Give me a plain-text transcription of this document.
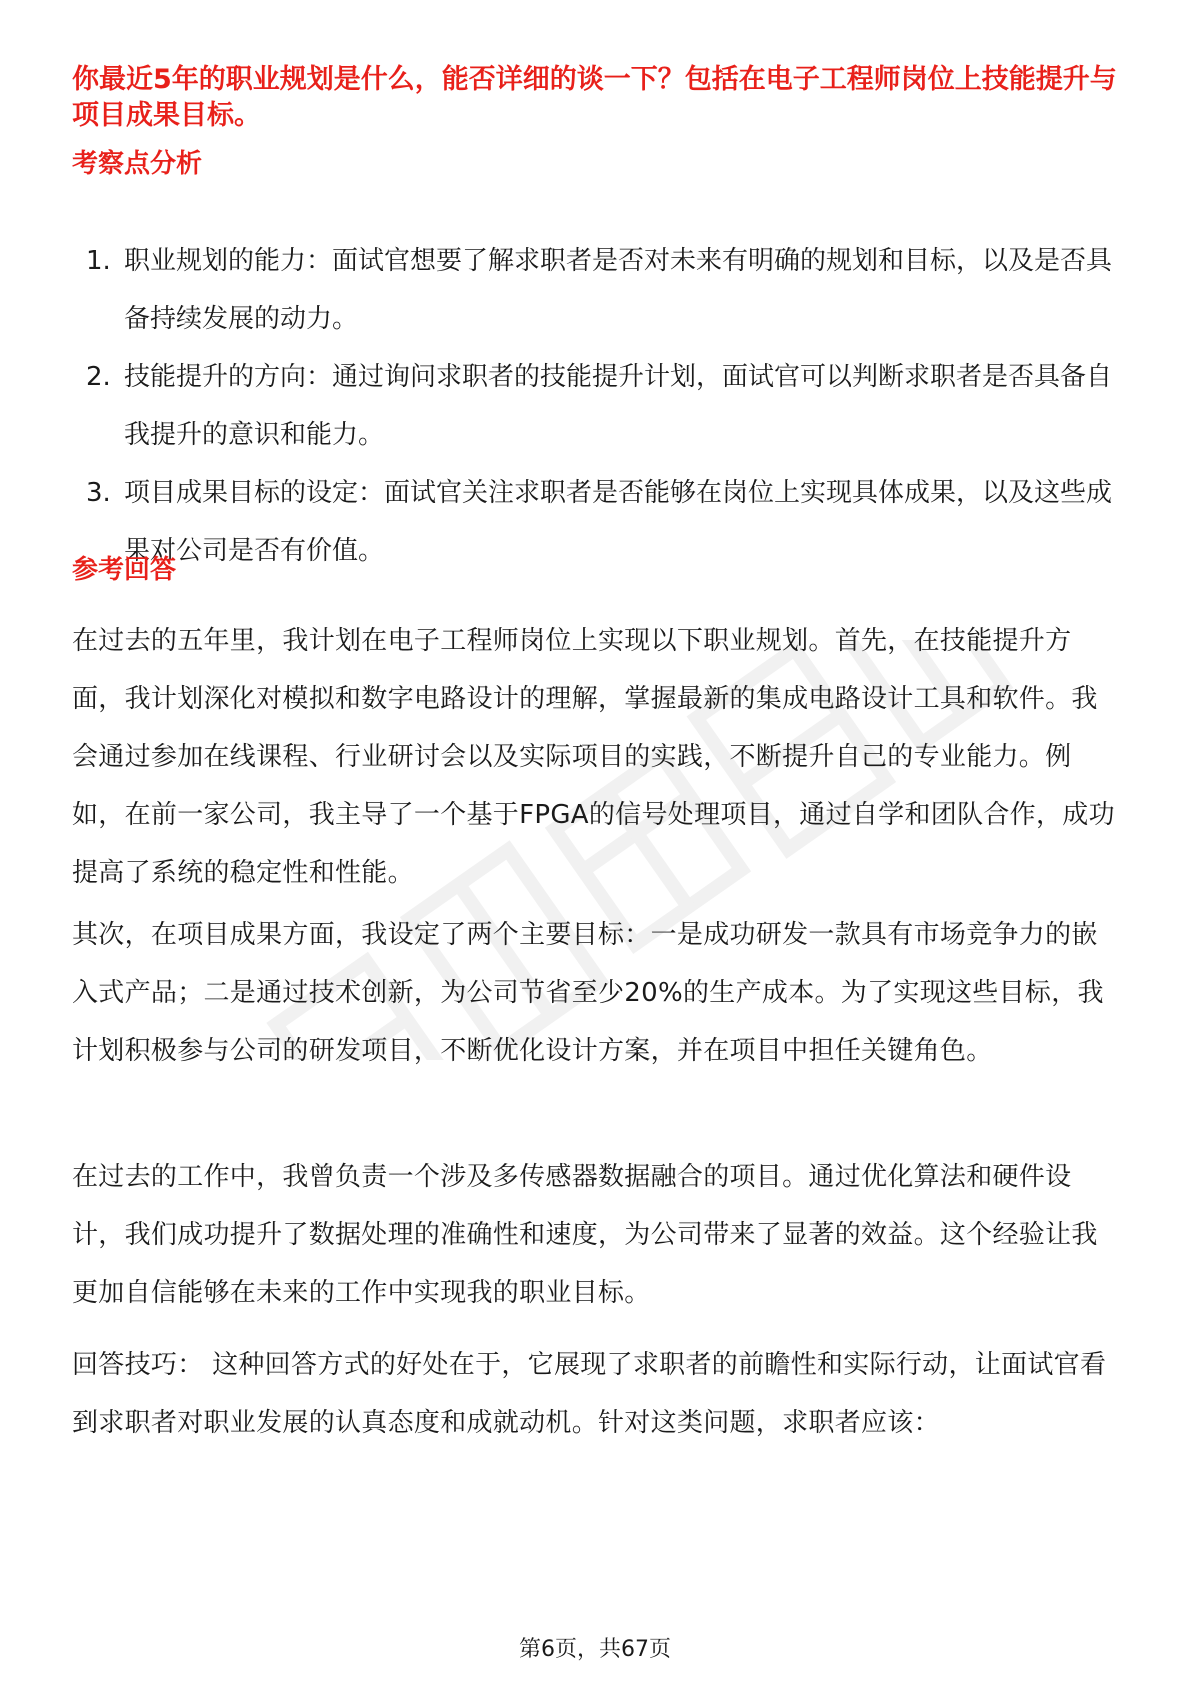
你最近5年的职业规划是什么，能否详细的谈一下？包括在电子工程师岗位上技能提升与项目成果目标。

考察点分析
1. 职业规划的能力：面试官想要了解求职者是否对未来有明确的规划和目标，以及是否具备持续发展的动力。
2. 技能提升的方向：通过询问求职者的技能提升计划，面试官可以判断求职者是否具备自我提升的意识和能力。
3. 项目成果目标的设定：面试官关注求职者是否能够在岗位上实现具体成果，以及这些成果对公司是否有价值。
参考回答

在过去的五年里，我计划在电子工程师岗位上实现以下职业规划。首先，在技能提升方面，我计划深化对模拟和数字电路设计的理解，掌握最新的集成电路设计工具和软件。我会通过参加在线课程、行业研讨会以及实际项目的实践，不断提升自己的专业能力。例如，在前一家公司，我主导了一个基于FPGA的信号处理项目，通过自学和团队合作，成功提高了系统的稳定性和性能。

其次，在项目成果方面，我设定了两个主要目标：一是成功研发一款具有市场竞争力的嵌入式产品；二是通过技术创新，为公司节省至少20%的生产成本。为了实现这些目标，我计划积极参与公司的研发项目，不断优化设计方案，并在项目中担任关键角色。

在过去的工作中，我曾负责一个涉及多传感器数据融合的项目。通过优化算法和硬件设计，我们成功提升了数据处理的准确性和速度，为公司带来了显著的效益。这个经验让我更加自信能够在未来的工作中实现我的职业目标。

回答技巧： 这种回答方式的好处在于，它展现了求职者的前瞻性和实际行动，让面试官看到求职者对职业发展的认真态度和成就动机。针对这类问题，求职者应该：

第6页，共67页
